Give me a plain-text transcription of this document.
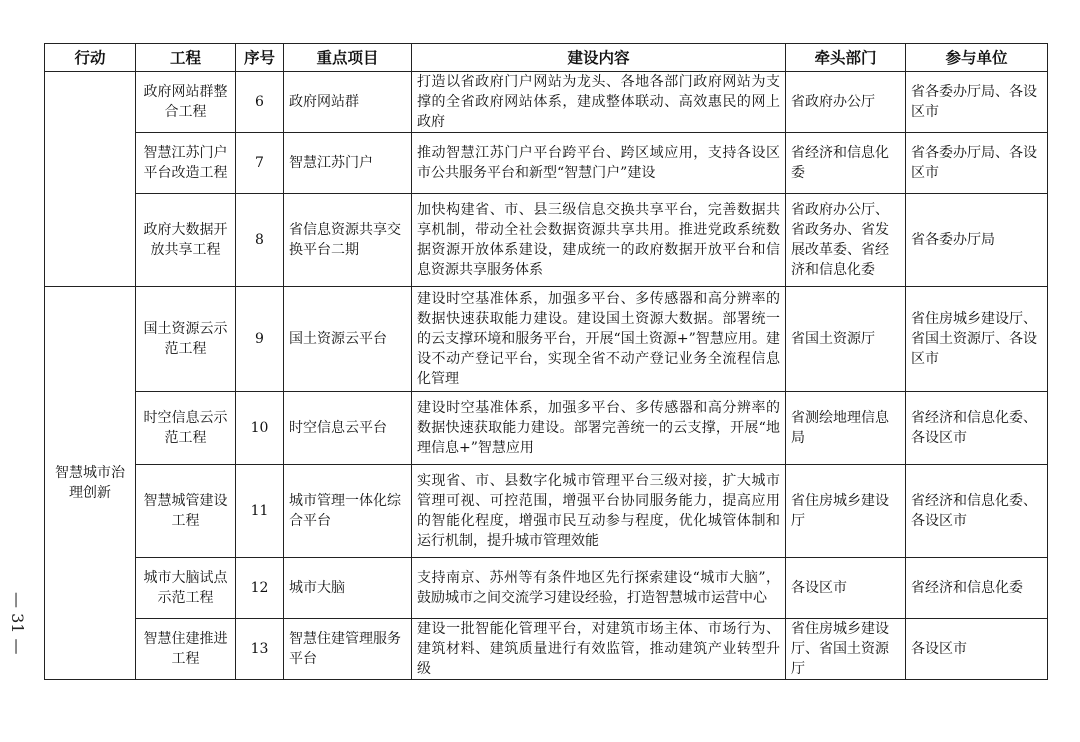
— 31 —
行动	工程	序号	重点项目	建设内容	牵头部门	参与单位
	政府网站群整合工程	6	政府网站群	打造以省政府门户网站为龙头、各地各部门政府网站为支撑的全省政府网站体系，建成整体联动、高效惠民的网上政府	省政府办公厅	省各委办厅局、各设区市
	智慧江苏门户平台改造工程	7	智慧江苏门户	推动智慧江苏门户平台跨平台、跨区域应用，支持各设区市公共服务平台和新型“智慧门户”建设	省经济和信息化委	省各委办厅局、各设区市
	政府大数据开放共享工程	8	省信息资源共享交换平台二期	加快构建省、市、县三级信息交换共享平台，完善数据共享机制，带动全社会数据资源共享共用。推进党政系统数据资源开放体系建设，建成统一的政府数据开放平台和信息资源共享服务体系	省政府办公厅、省政务办、省发展改革委、省经济和信息化委	省各委办厅局
智慧城市治理创新	国土资源云示范工程	9	国土资源云平台	建设时空基准体系，加强多平台、多传感器和高分辨率的数据快速获取能力建设。建设国土资源大数据。部署统一的云支撑环境和服务平台，开展“国土资源+”智慧应用。建设不动产登记平台，实现全省不动产登记业务全流程信息化管理	省国土资源厅	省住房城乡建设厅、省国土资源厅、各设区市
	时空信息云示范工程	10	时空信息云平台	建设时空基准体系，加强多平台、多传感器和高分辨率的数据快速获取能力建设。部署完善统一的云支撑，开展“地理信息+”智慧应用	省测绘地理信息局	省经济和信息化委、各设区市
	智慧城管建设工程	11	城市管理一体化综合平台	实现省、市、县数字化城市管理平台三级对接，扩大城市管理可视、可控范围，增强平台协同服务能力，提高应用的智能化程度，增强市民互动参与程度，优化城管体制和运行机制，提升城市管理效能	省住房城乡建设厅	省经济和信息化委、各设区市
	城市大脑试点示范工程	12	城市大脑	支持南京、苏州等有条件地区先行探索建设“城市大脑”，鼓励城市之间交流学习建设经验，打造智慧城市运营中心	各设区市	省经济和信息化委
	智慧住建推进工程	13	智慧住建管理服务平台	建设一批智能化管理平台，对建筑市场主体、市场行为、建筑材料、建筑质量进行有效监管，推动建筑产业转型升级	省住房城乡建设厅、省国土资源厅	各设区市
